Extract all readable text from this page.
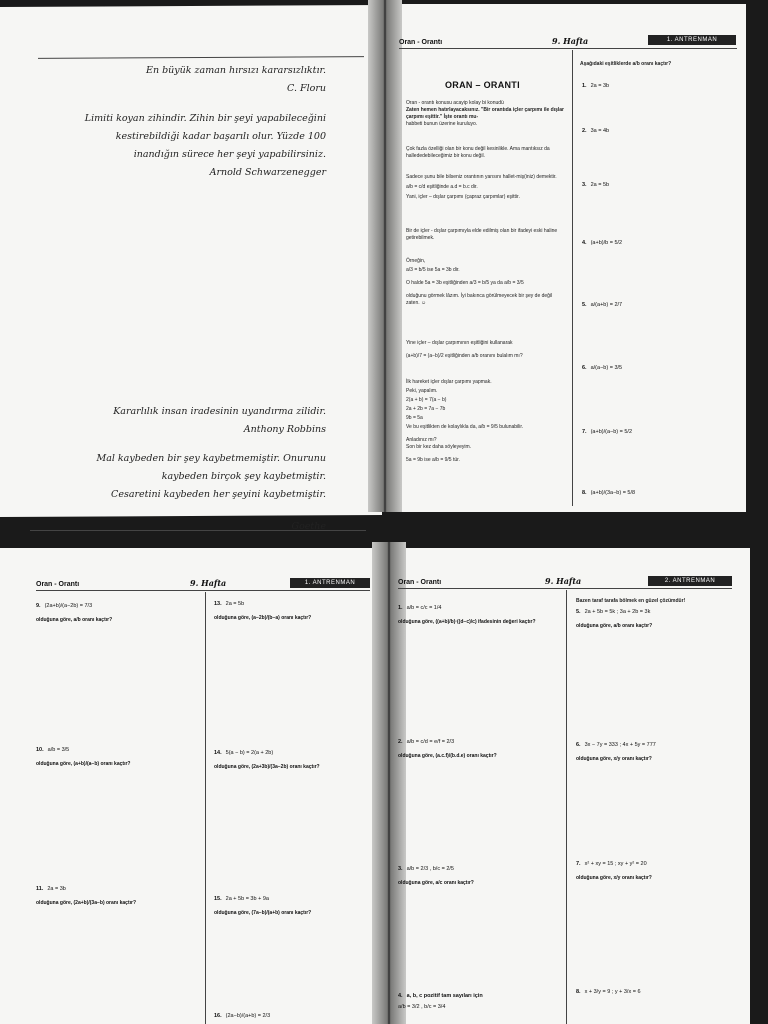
En büyük zaman hırsızı kararsızlıktır.
C. Floru
Limiti koyan zihindir. Zihin bir şeyi yapabileceğini
kestirebildiği kadar başarılı olur. Yüzde 100
inandığın sürece her şeyi yapabilirsiniz.
Arnold Schwarzenegger
Kararlılık insan iradesinin uyandırma zilidir.
Anthony Robbins
Mal kaybeden bir şey kaybetmemiştir. Onurunu
kaybeden birçok şey kaybetmiştir.
Cesaretini kaybeden her şeyini kaybetmiştir.
Goethe
Oran - Orantı	9. Hafta	1. ANTRENMAN
ORAN – ORANTI
Oran - orantı konusu acayip kolay bi konudü
Zaten hemen hatırlayacaksınız. "Bir orantıda içler çarpımı ile dışlar çarpımı eşittir." İşte orantı mu-
habbeti bunun üzerine kuruluyo.
Çok fazla özelliği olan bir konu değil kesinlikle. Ama mantıksız da hallededebileceğimiz bir konu değil.
Sadece şunu bile bilseniz orantının yarısını hallet-miş(iniz) demektir.
a/b = c/d eşitliğinde a.d = b.c dir.
Yani, içler – dışlar çarpımı (çapraz çarpımlar) eşittir.
Bir de içler - dışlar çarpımıyla elde edilmiş olan bir ifadeyi eski haline getirebilmek.
Örneğin,
a/3 = b/5 ise 5a = 3b dir.
O halde 5a = 3b eşitliğinden a/3 = b/5 ya da a/b = 3/5
olduğunu görmek lâzım. İyi bakınca görülmeyecek bir şey de değil zaten. ☺
Yine içler – dışlar çarpımının eşitliğini kullanarak
(a+b)/7 = (a−b)/2 eşitliğinden a/b oranını bulalım mı?
İlk hareket içler dışlar çarpımı yapmak.
Peki, yapalım.
2(a + b) = 7(a − b)
2a + 2b = 7a − 7b
9b = 5a
Ve bu eşitlikten de kolaylıkla da, a/b = 9/5 bulunabilir.
Anladınız mı?
Son bir kez daha söyleyeyim.
5a = 9b ise a/b = 9/5 tür.
Aşağıdaki eşitliklerde a/b oranı kaçtır?
1. 2a = 3b
2. 3a = 4b
3. 2a = 5b
4. (a+b)/b = 5/2
5. a/(a+b) = 2/7
6. a/(a−b) = 3/5
7. (a+b)/(a−b) = 5/2
8. (a+b)/(3a−b) = 5/8
Oran - Orantı	9. Hafta	1. ANTRENMAN
9. (2a+b)/(a−2b) = 7/3
olduğuna göre, a/b oranı kaçtır?
10. a/b = 3/5
olduğuna göre, (a+b)/(a−b) oranı kaçtır?
11. 2a = 3b
olduğuna göre, (2a+b)/(3a−b) oranı kaçtır?
13. 2a = 5b
olduğuna göre, (a−2b)/(b−a) oranı kaçtır?
14. 5(a − b) = 2(a + 2b)
olduğuna göre, (2a+3b)/(3a−2b) oranı kaçtır?
15. 2a + 5b = 3b + 9a
olduğuna göre, (7a−b)/(a+b) oranı kaçtır?
16. (2a−b)/(a+b) = 2/3
Oran - Orantı	9. Hafta	2. ANTRENMAN
Bazen taraf tarafa bölmek en güzel çözümdür!
1. a/b = c/c = 1/4
olduğuna göre, ((a+b)/b)·((d−c)/c) ifadesinin değeri kaçtır?
2. a/b = c/d = e/f = 2/3
olduğuna göre, (a.c.f)/(b.d.e) oranı kaçtır?
3. a/b = 2/3 , b/c = 2/5
olduğuna göre, a/c oranı kaçtır?
4. a, b, c pozitif tam sayıları için
a/b = 3/2 , b/c = 3/4
5. 2a + 5b = 5k ; 3a + 2b = 3k
olduğuna göre, a/b oranı kaçtır?
6. 3x − 7y = 333 ; 4x + 5y = 777
olduğuna göre, x/y oranı kaçtır?
7. x² + xy = 15 ; xy + y² = 20
olduğuna göre, x/y oranı kaçtır?
8. x + 3/y = 9 ; y + 3/x = 6
